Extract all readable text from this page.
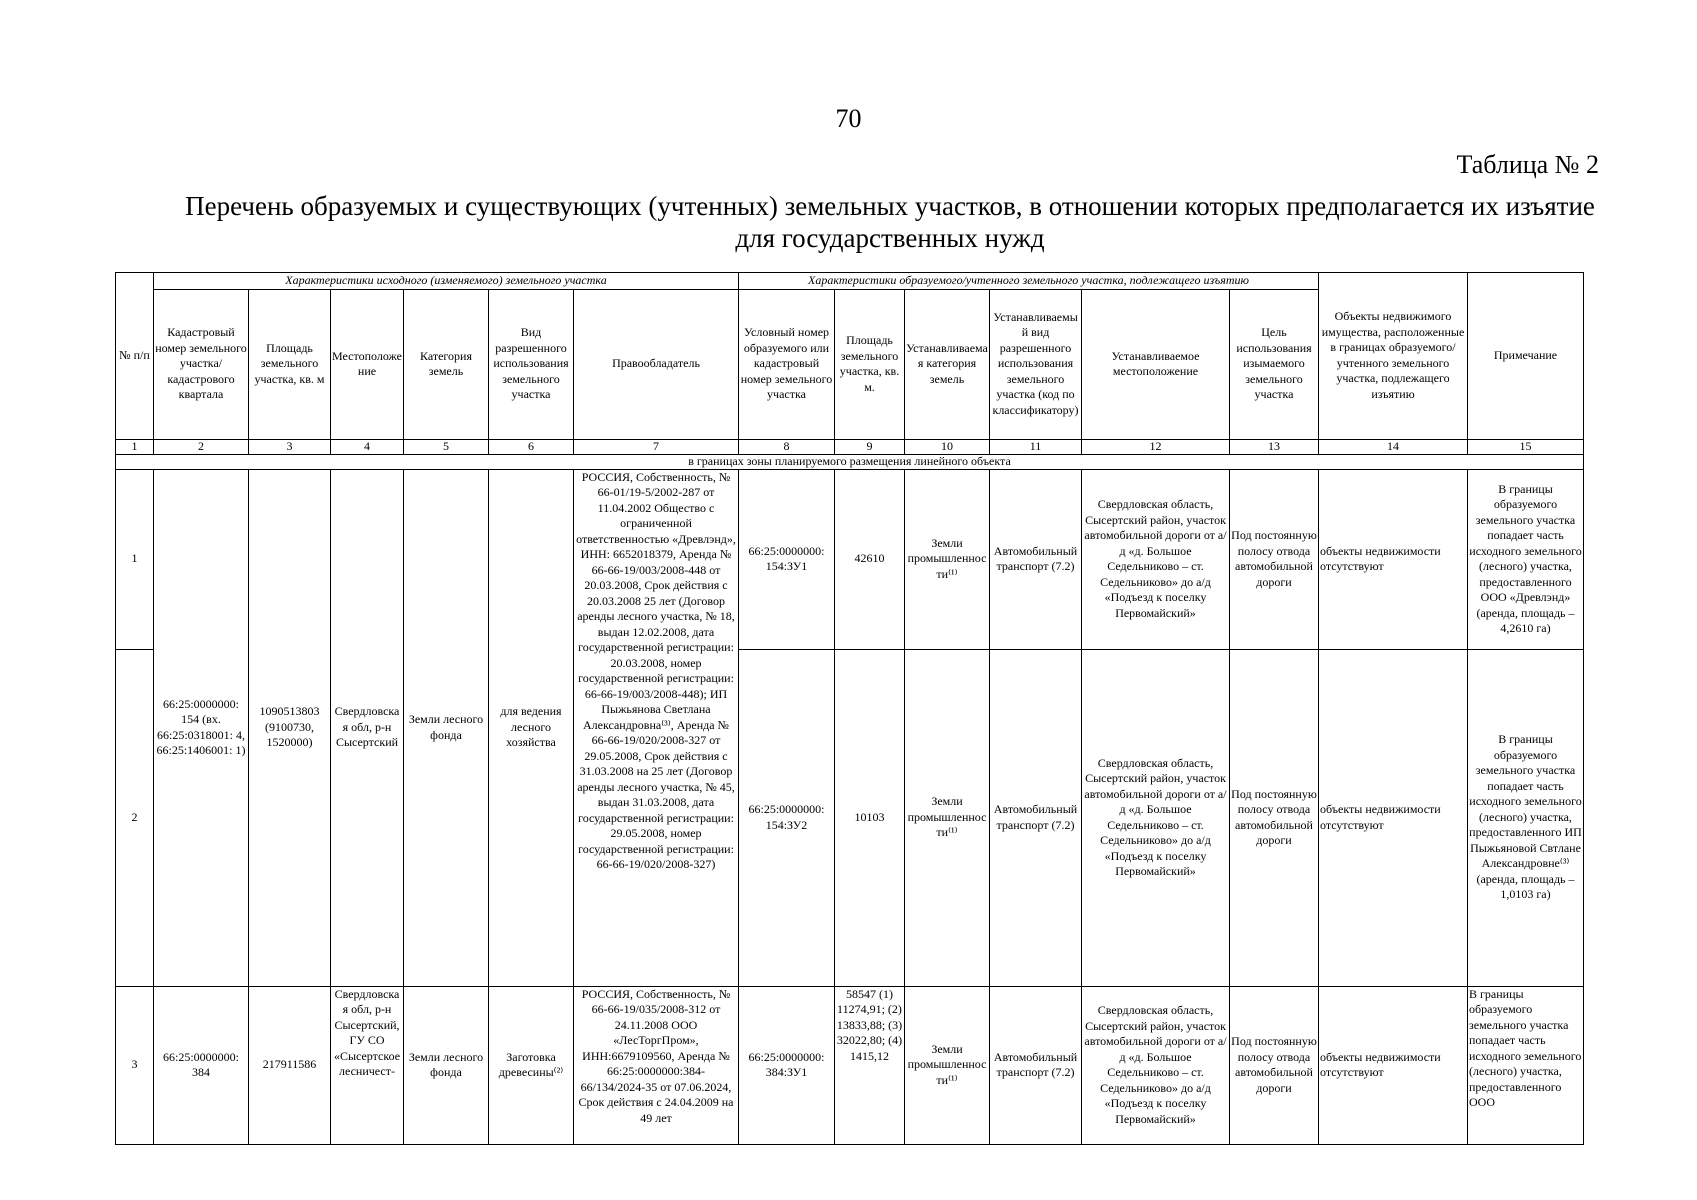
70
Таблица № 2
Перечень образуемых и существующих (учтенных) земельных участков, в отношении которых предполагается их изъятие для государственных нужд
№ п/п	Характеристики исходного (изменяемого) земельного участка						Характеристики образуемого/учтенного земельного участка, подлежащего изъятию						Объекты недвижимого имущества, расположенные в границах образуемого/учтенного земельного участка, подлежащего изъятию	Примечание
	Кадастровый номер земельного участка/ кадастрового квартала	Площадь земельного участка, кв. м	Местоположение	Категория земель	Вид разрешенного использования земельного участка	Правообладатель	Условный номер образуемого или кадастровый номер земельного участка	Площадь земельного участка, кв. м.	Устанавливаемая категория земель	Устанавливаемый вид разрешенного использования земельного участка (код по классификатору)	Устанавливаемое местоположение	Цель использования изымаемого земельного участка		
1	2	3	4	5	6	7	8	9	10	11	12	13	14	15
в границах зоны планируемого размещения линейного объекта														
1	66:25:0000000: 154 (вх. 66:25:0318001: 4, 66:25:1406001: 1)	1090513803 (9100730, 1520000)	Свердловская обл, р-н Сысертский	Земли лесного фонда	для ведения лесного хозяйства	РОССИЯ, Собственность, № 66-01/19-5/2002-287 от 11.04.2002 Общество с ограниченной ответственностью «Древлэнд», ИНН: 6652018379, Аренда № 66-66-19/003/2008-448 от 20.03.2008, Срок действия с 20.03.2008 25 лет (Договор аренды лесного участка, № 18, выдан 12.02.2008, дата государственной регистрации: 20.03.2008, номер государственной регистрации: 66-66-19/003/2008-448); ИП Пыжьянова Светлана Александровна⁽³⁾, Аренда № 66-66-19/020/2008-327 от 29.05.2008, Срок действия с 31.03.2008 на 25 лет (Договор аренды лесного участка, № 45, выдан 31.03.2008, дата государственной регистрации: 29.05.2008, номер государственной регистрации: 66-66-19/020/2008-327)	66:25:0000000: 154:ЗУ1	42610	Земли промышленности⁽¹⁾	Автомобильный транспорт (7.2)	Свердловская область, Сысертский район, участок автомобильной дороги от а/д «д. Большое Седельниково – ст. Седельниково» до а/д «Подъезд к поселку Первомайский»	Под постоянную полосу отвода автомобильной дороги	объекты недвижимости отсутствуют	В границы образуемого земельного участка попадает часть исходного земельного (лесного) участка, предоставленного ООО «Древлэнд» (аренда, площадь – 4,2610 га)
2							66:25:0000000: 154:ЗУ2	10103	Земли промышленности⁽¹⁾	Автомобильный транспорт (7.2)	Свердловская область, Сысертский район, участок автомобильной дороги от а/д «д. Большое Седельниково – ст. Седельниково» до а/д «Подъезд к поселку Первомайский»	Под постоянную полосу отвода автомобильной дороги	объекты недвижимости отсутствуют	В границы образуемого земельного участка попадает часть исходного земельного (лесного) участка, предоставленного ИП Пыжьяновой Свтлане Александровне⁽³⁾ (аренда, площадь – 1,0103 га)
3	66:25:0000000: 384	217911586	Свердловская обл, р-н Сысертский, ГУ СО «Сысертское лесничест-	Земли лесного фонда	Заготовка древесины⁽²⁾	РОССИЯ, Собственность, № 66-66-19/035/2008-312 от 24.11.2008 ООО «ЛесТоргПром», ИНН:6679109560, Аренда № 66:25:0000000:384-66/134/2024-35 от 07.06.2024, Срок действия с 24.04.2009 на 49 лет	66:25:0000000: 384:ЗУ1	58547 (1) 11274,91; (2) 13833,88; (3) 32022,80; (4) 1415,12	Земли промышленности⁽¹⁾	Автомобильный транспорт (7.2)	Свердловская область, Сысертский район, участок автомобильной дороги от а/д «д. Большое Седельниково – ст. Седельниково» до а/д «Подъезд к поселку Первомайский»	Под постоянную полосу отвода автомобильной дороги	объекты недвижимости отсутствуют	В границы образуемого земельного участка попадает часть исходного земельного (лесного) участка, предоставленного ООО
